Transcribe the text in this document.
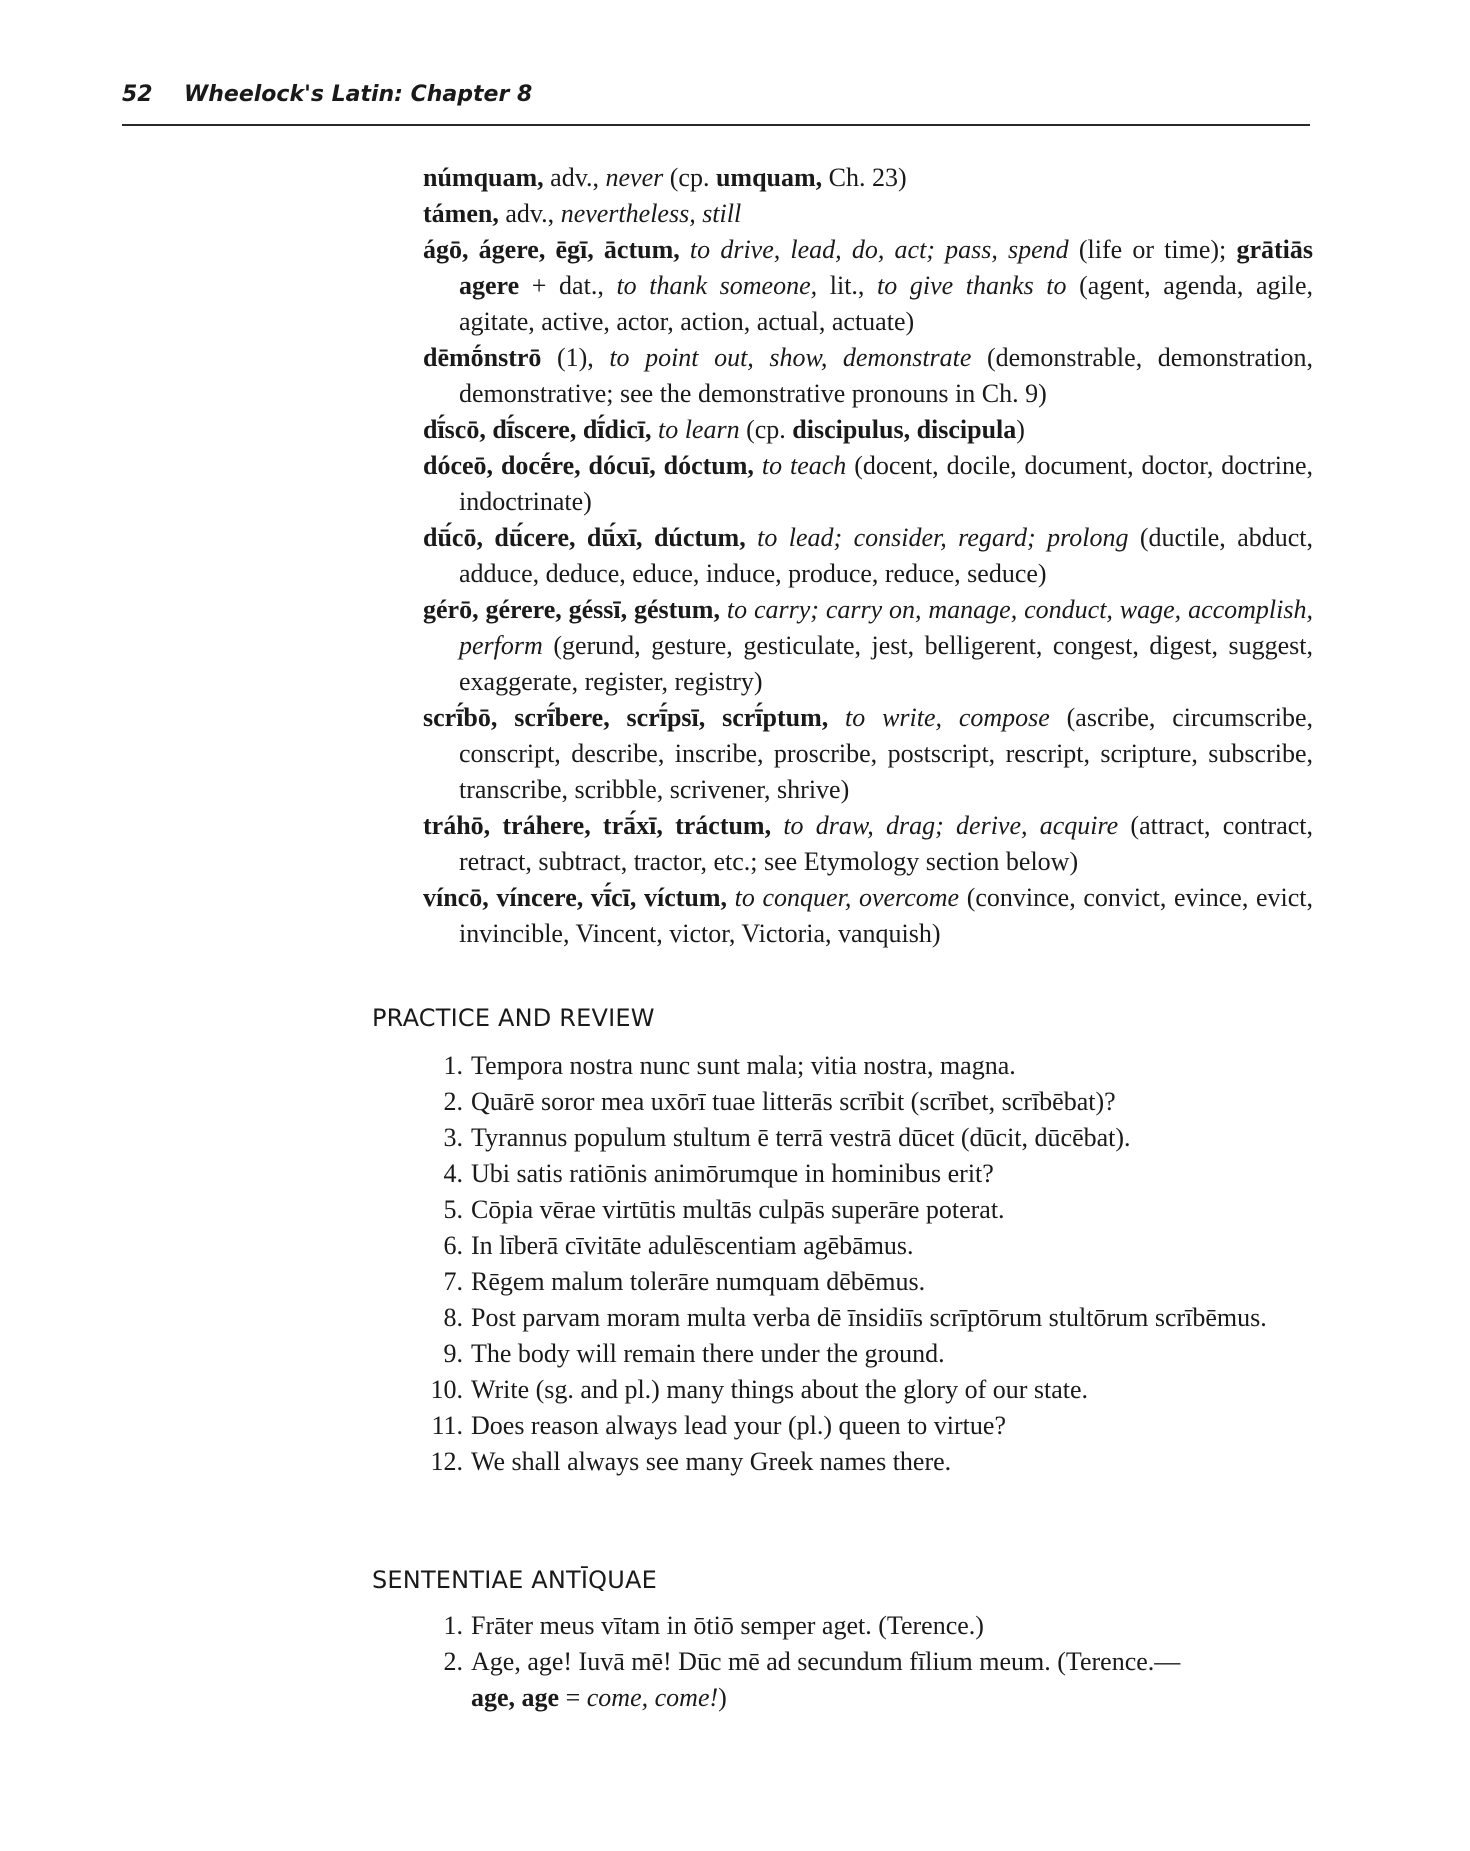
52 Wheelock's Latin: Chapter 8
númquam, adv., never (cp. umquam, Ch. 23)
támen, adv., nevertheless, still
ágō, ágere, ēgī, āctum, to drive, lead, do, act; pass, spend (life or time); grātiās agere + dat., to thank someone, lit., to give thanks to (agent, agenda, agile, agitate, active, actor, action, actual, actuate)
dēmṓnstrō (1), to point out, show, demonstrate (demonstrable, demonstration, demonstrative; see the demonstrative pronouns in Ch. 9)
dī́scō, dī́scere, dī́dicī, to learn (cp. discipulus, discipula)
dóceō, docḗre, dócuī, dóctum, to teach (docent, docile, document, doctor, doctrine, indoctrinate)
dū́cō, dū́cere, dū́xī, dúctum, to lead; consider, regard; prolong (ductile, abduct, adduce, deduce, educe, induce, produce, reduce, seduce)
gérō, gérere, géssī, géstum, to carry; carry on, manage, conduct, wage, accomplish, perform (gerund, gesture, gesticulate, jest, belligerent, congest, digest, suggest, exaggerate, register, registry)
scrī́bō, scrī́bere, scrī́psī, scrī́ptum, to write, compose (ascribe, circumscribe, conscript, describe, inscribe, proscribe, postscript, rescript, scripture, subscribe, transcribe, scribble, scrivener, shrive)
tráhō, tráhere, trā́xī, tráctum, to draw, drag; derive, acquire (attract, contract, retract, subtract, tractor, etc.; see Etymology section below)
víncō, víncere, vī́cī, víctum, to conquer, overcome (convince, convict, evince, evict, invincible, Vincent, victor, Victoria, vanquish)
PRACTICE AND REVIEW
1. Tempora nostra nunc sunt mala; vitia nostra, magna.
2. Quārē soror mea uxōrī tuae litterās scrībit (scrībet, scrībēbat)?
3. Tyrannus populum stultum ē terrā vestrā dūcet (dūcit, dūcēbat).
4. Ubi satis ratiōnis animōrumque in hominibus erit?
5. Cōpia vērae virtūtis multās culpās superāre poterat.
6. In līberā cīvitāte adulēscentiam agēbāmus.
7. Rēgem malum tolerāre numquam dēbēmus.
8. Post parvam moram multa verba dē īnsidiīs scrīptōrum stultōrum scrībēmus.
9. The body will remain there under the ground.
10. Write (sg. and pl.) many things about the glory of our state.
11. Does reason always lead your (pl.) queen to virtue?
12. We shall always see many Greek names there.
SENTENTIAE ANTĪQUAE
1. Frāter meus vītam in ōtiō semper aget. (Terence.)
2. Age, age! Iuvā mē! Dūc mē ad secundum fīlium meum. (Terence.—
age, age = come, come!)
